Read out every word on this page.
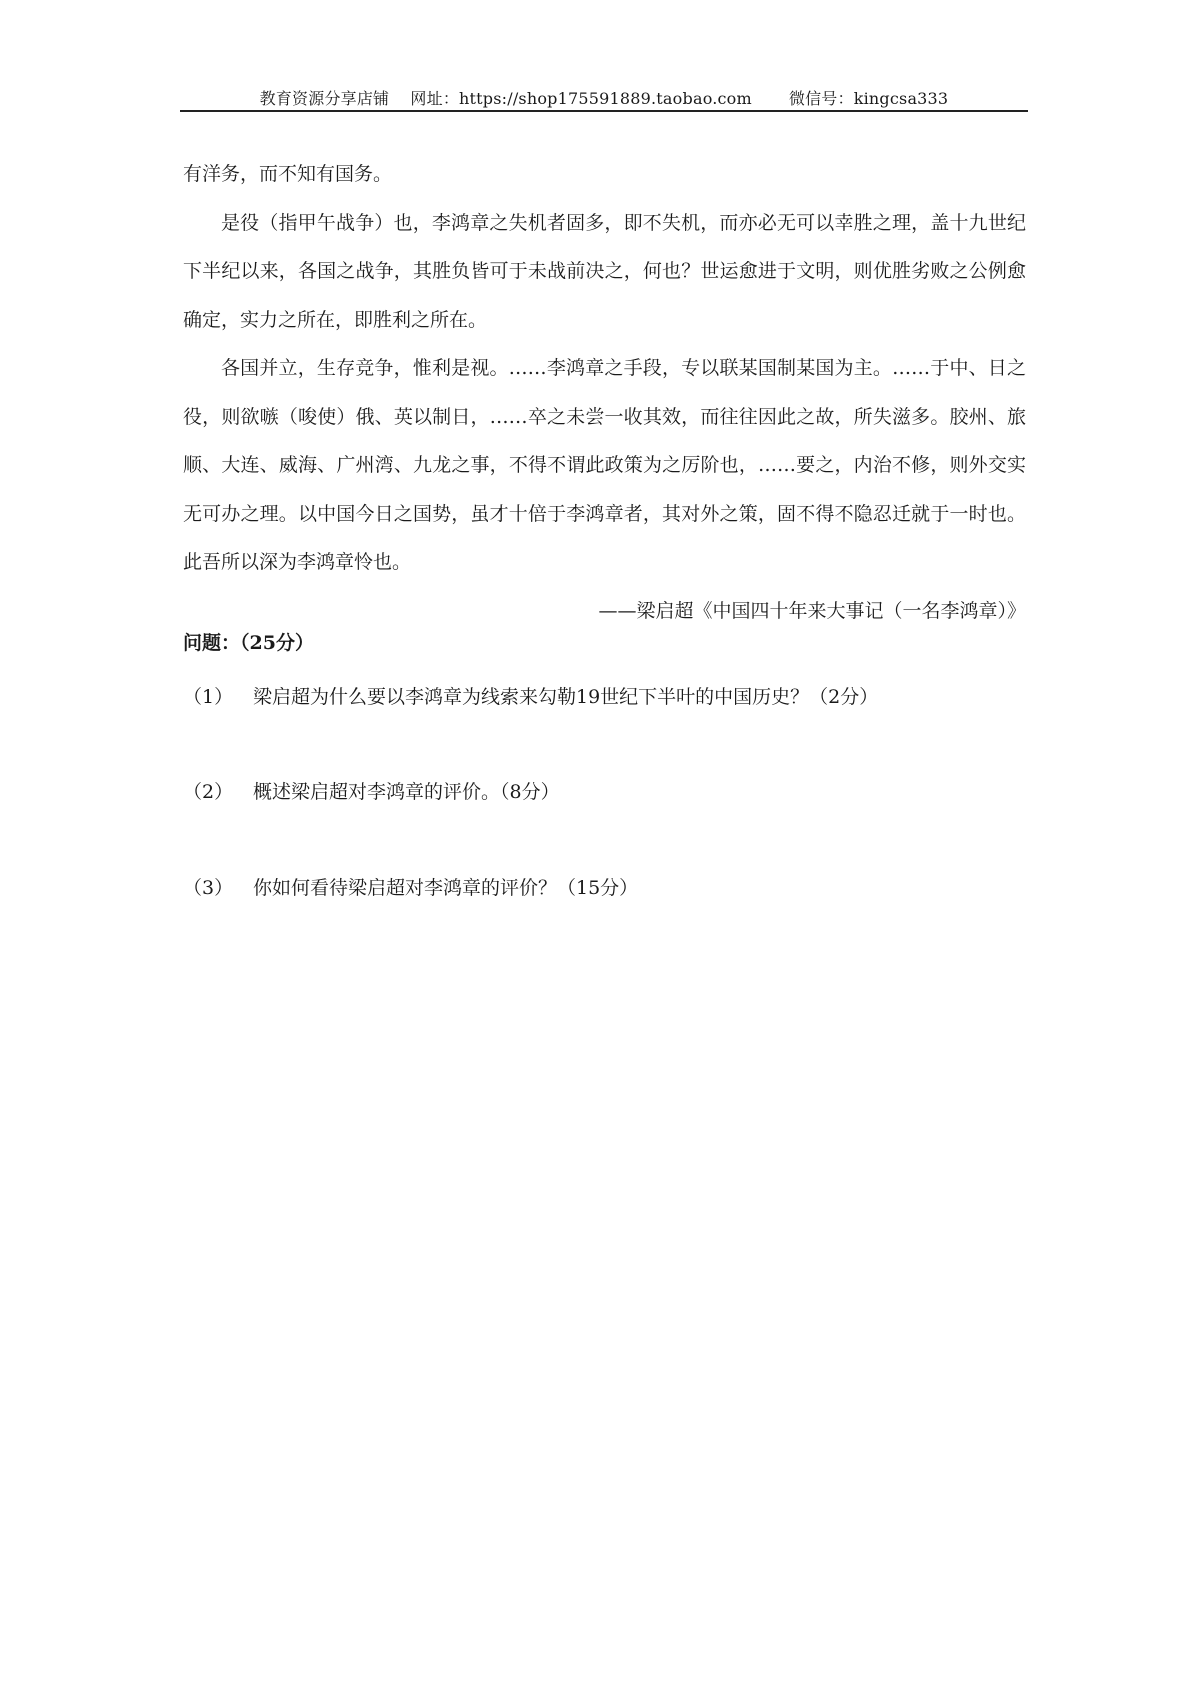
教育资源分享店铺 网址：https://shop175591889.taobao.com 微信号：kingcsa333

有洋务，而不知有国务。

是役（指甲午战争）也，李鸿章之失机者固多，即不失机，而亦必无可以幸胜之理，盖十九世纪下半纪以来，各国之战争，其胜负皆可于未战前决之，何也？世运愈进于文明，则优胜劣败之公例愈确定，实力之所在，即胜利之所在。

各国并立，生存竞争，惟利是视。……李鸿章之手段，专以联某国制某国为主。……于中、日之役，则欲嗾（唆使）俄、英以制日，……卒之未尝一收其效，而往往因此之故，所失滋多。胶州、旅顺、大连、威海、广州湾、九龙之事，不得不谓此政策为之厉阶也，……要之，内治不修，则外交实无可办之理。以中国今日之国势，虽才十倍于李鸿章者，其对外之策，固不得不隐忍迁就于一时也。此吾所以深为李鸿章怜也。

——梁启超《中国四十年来大事记（一名李鸿章）》

问题：（25分）
（1） 梁启超为什么要以李鸿章为线索来勾勒19世纪下半叶的中国历史？（2分）
（2） 概述梁启超对李鸿章的评价。（8分）
（3） 你如何看待梁启超对李鸿章的评价？（15分）
